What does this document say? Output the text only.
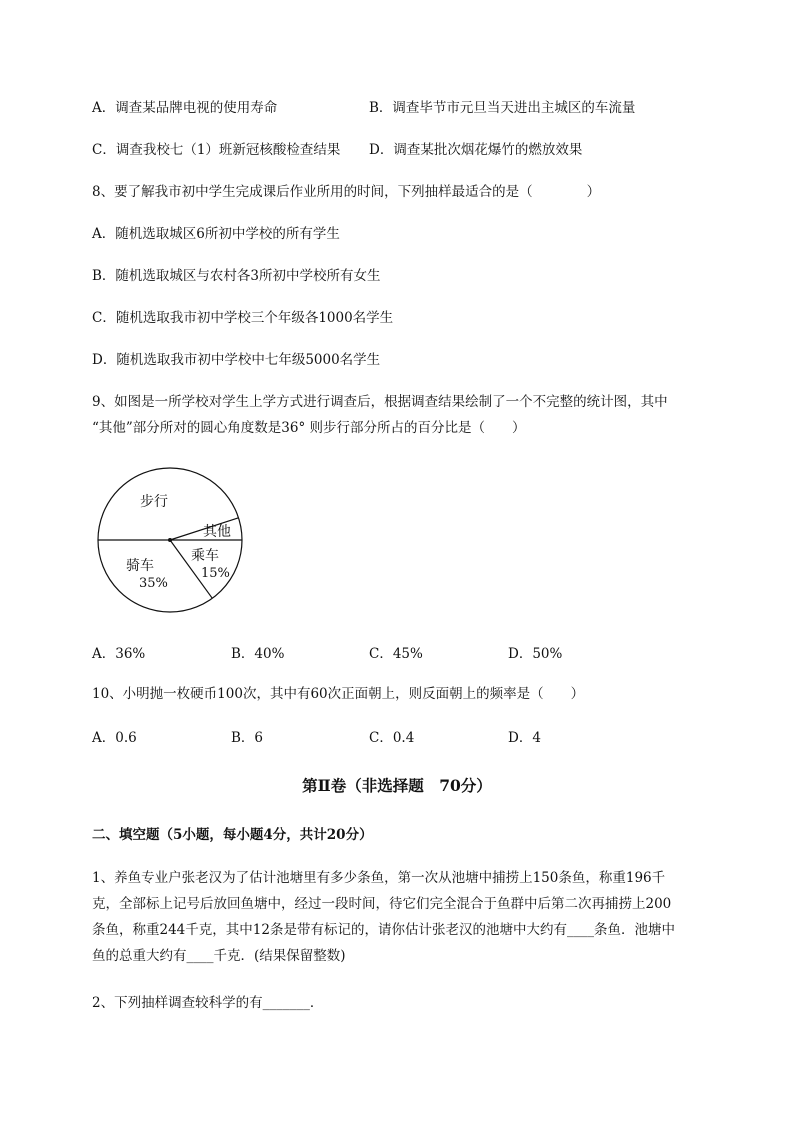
A．调查某品牌电视的使用寿命	B．调查毕节市元旦当天进出主城区的车流量
C．调查我校七（1）班新冠核酸检查结果 D．调查某批次烟花爆竹的燃放效果
8、要了解我市初中学生完成课后作业所用的时间，下列抽样最适合的是（　　　　）
A．随机选取城区6所初中学校的所有学生
B．随机选取城区与农村各3所初中学校所有女生
C．随机选取我市初中学校三个年级各1000名学生
D．随机选取我市初中学校中七年级5000名学生
9、如图是一所学校对学生上学方式进行调查后，根据调查结果绘制了一个不完整的统计图，其中
“其他”部分所对的圆心角度数是36° 则步行部分所占的百分比是（　　）
步行
其他
乘车
15%
骑车
35%
A．36%	B．40%	C．45%	D．50%
10、小明抛一枚硬币100次，其中有60次正面朝上，则反面朝上的频率是（　　）
A．0.6	B．6	C．0.4	D．4
第Ⅱ卷（非选择题　70分）
二、填空题（5小题，每小题4分，共计20分）
1、养鱼专业户张老汉为了估计池塘里有多少条鱼，第一次从池塘中捕捞上150条鱼，称重196千
克，全部标上记号后放回鱼塘中，经过一段时间，待它们完全混合于鱼群中后第二次再捕捞上200
条鱼，称重244千克，其中12条是带有标记的，请你估计张老汉的池塘中大约有____条鱼．池塘中
鱼的总重大约有____千克．(结果保留整数)
2、下列抽样调查较科学的有_______．
